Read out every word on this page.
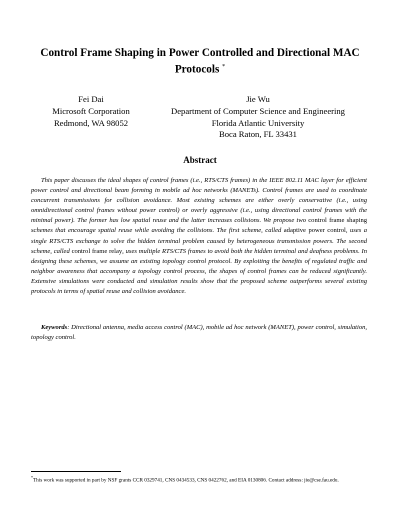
Control Frame Shaping in Power Controlled and Directional MAC Protocols *
Fei Dai
Microsoft Corporation
Redmond, WA 98052
Jie Wu
Department of Computer Science and Engineering
Florida Atlantic University
Boca Raton, FL 33431
Abstract

This paper discusses the ideal shapes of control frames (i.e., RTS/CTS frames) in the IEEE 802.11 MAC layer for efficient power control and directional beam forming in mobile ad hoc networks (MANETs). Control frames are used to coordinate concurrent transmissions for collision avoidance. Most existing schemes are either overly conservative (i.e., using omnidirectional control frames without power control) or overly aggressive (i.e., using directional control frames with the minimal power). The former has low spatial reuse and the latter increases collisions. We propose two control frame shaping schemes that encourage spatial reuse while avoiding the collisions. The first scheme, called adaptive power control, uses a single RTS/CTS exchange to solve the hidden terminal problem caused by heterogeneous transmission powers. The second scheme, called control frame relay, uses multiple RTS/CTS frames to avoid both the hidden terminal and deafness problems. In designing these schemes, we assume an existing topology control protocol. By exploiting the benefits of regulated traffic and neighbor awareness that accompany a topology control process, the shapes of control frames can be reduced significantly. Extensive simulations were conducted and simulation results show that the proposed scheme outperforms several existing protocols in terms of spatial reuse and collision avoidance.

Keywords: Directional antenna, media access control (MAC), mobile ad hoc network (MANET), power control, simulation, topology control.

*This work was supported in part by NSF grants CCR 0329741, CNS 0434533, CNS 0422762, and EIA 0130806. Contact address: jie@cse.fau.edu.
